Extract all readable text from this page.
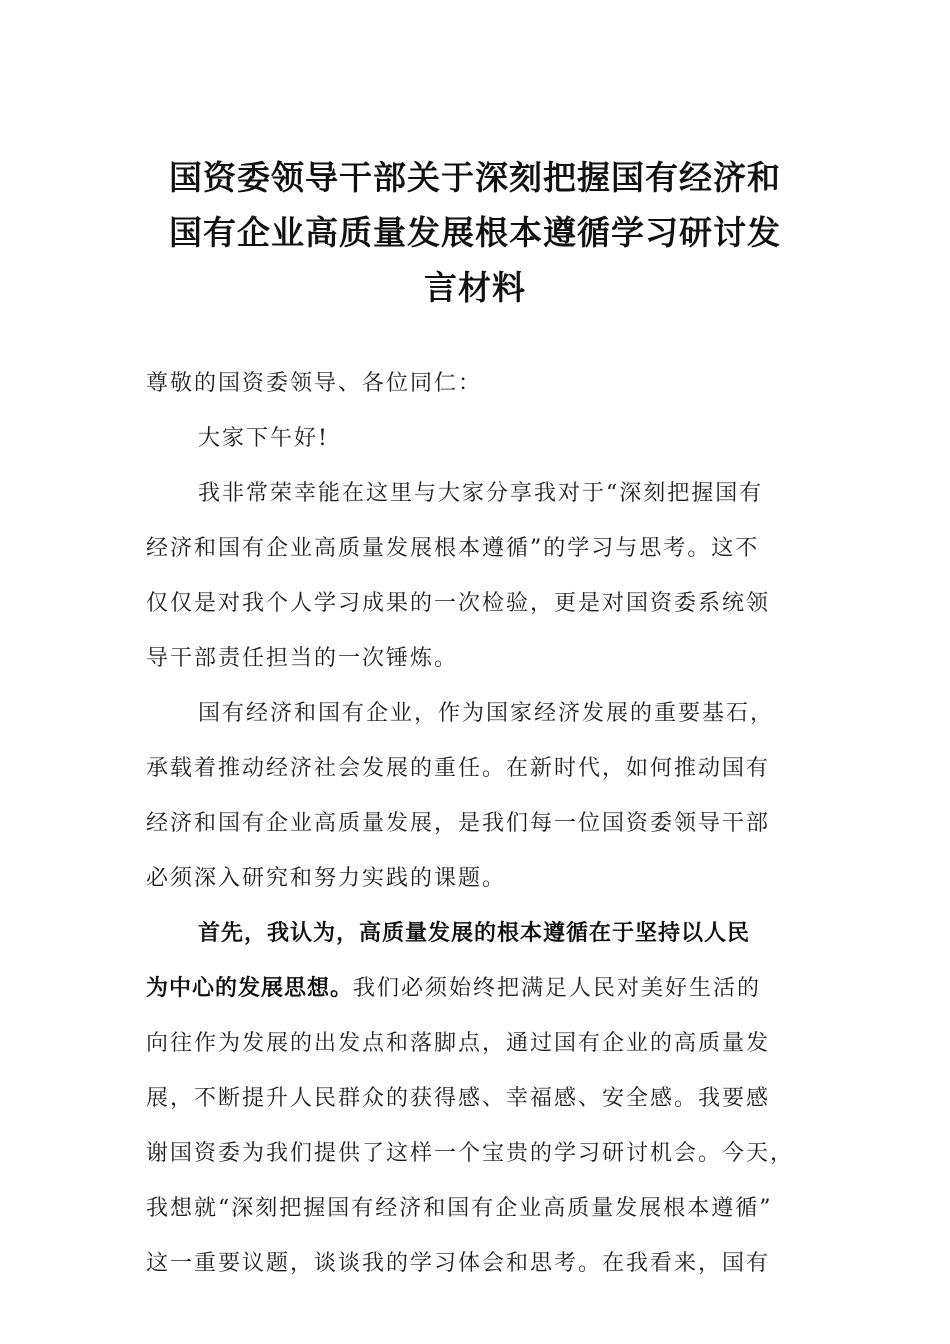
国资委领导干部关于深刻把握国有经济和
国有企业高质量发展根本遵循学习研讨发
言材料
尊敬的国资委领导、各位同仁：
大家下午好!
我非常荣幸能在这里与大家分享我对于“深刻把握国有
经济和国有企业高质量发展根本遵循”的学习与思考。这不
仅仅是对我个人学习成果的一次检验，更是对国资委系统领
导干部责任担当的一次锤炼。
国有经济和国有企业，作为国家经济发展的重要基石，
承载着推动经济社会发展的重任。在新时代，如何推动国有
经济和国有企业高质量发展，是我们每一位国资委领导干部
必须深入研究和努力实践的课题。
首先，我认为，高质量发展的根本遵循在于坚持以人民
为中心的发展思想。我们必须始终把满足人民对美好生活的
向往作为发展的出发点和落脚点，通过国有企业的高质量发
展，不断提升人民群众的获得感、幸福感、安全感。我要感
谢国资委为我们提供了这样一个宝贵的学习研讨机会。今天，
我想就“深刻把握国有经济和国有企业高质量发展根本遵循”
这一重要议题，谈谈我的学习体会和思考。在我看来，国有
